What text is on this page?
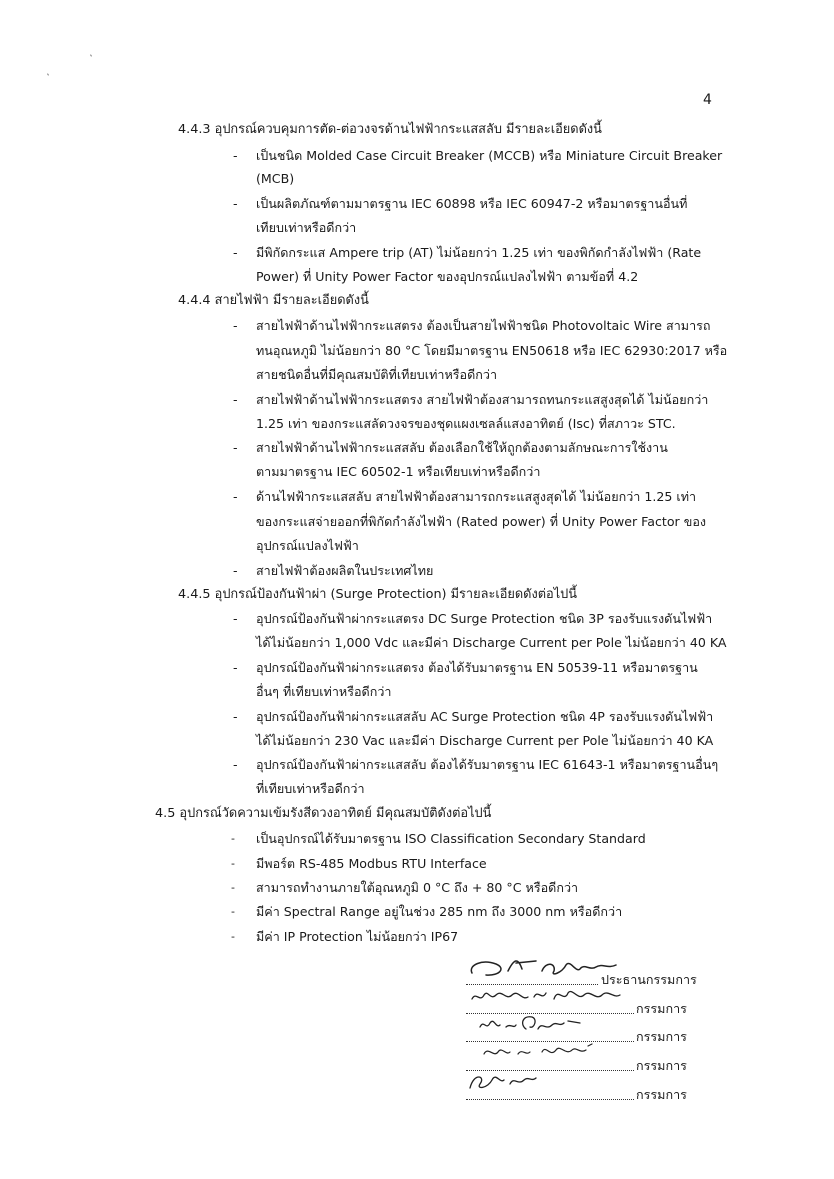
4
4.4.3 อุปกรณ์ควบคุมการตัด-ต่อวงจรด้านไฟฟ้ากระแสสลับ มีรายละเอียดดังนี้
- เป็นชนิด Molded Case Circuit Breaker (MCCB) หรือ Miniature Circuit Breaker
(MCB)
- เป็นผลิตภัณฑ์ตามมาตรฐาน IEC 60898 หรือ IEC 60947-2 หรือมาตรฐานอื่นที่
เทียบเท่าหรือดีกว่า
- มีพิกัดกระแส Ampere trip (AT) ไม่น้อยกว่า 1.25 เท่า ของพิกัดกำลังไฟฟ้า (Rate
Power) ที่ Unity Power Factor ของอุปกรณ์แปลงไฟฟ้า ตามข้อที่ 4.2
4.4.4 สายไฟฟ้า มีรายละเอียดดังนี้
- สายไฟฟ้าด้านไฟฟ้ากระแสตรง ต้องเป็นสายไฟฟ้าชนิด Photovoltaic Wire สามารถ
ทนอุณหภูมิ ไม่น้อยกว่า 80 °C โดยมีมาตรฐาน EN50618 หรือ IEC 62930:2017 หรือ
สายชนิดอื่นที่มีคุณสมบัติที่เทียบเท่าหรือดีกว่า
- สายไฟฟ้าด้านไฟฟ้ากระแสตรง สายไฟฟ้าต้องสามารถทนกระแสสูงสุดได้ ไม่น้อยกว่า
1.25 เท่า ของกระแสลัดวงจรของชุดแผงเซลล์แสงอาทิตย์ (Isc) ที่สภาวะ STC.
- สายไฟฟ้าด้านไฟฟ้ากระแสสลับ ต้องเลือกใช้ให้ถูกต้องตามลักษณะการใช้งาน
ตามมาตรฐาน IEC 60502-1 หรือเทียบเท่าหรือดีกว่า
- ด้านไฟฟ้ากระแสสลับ สายไฟฟ้าต้องสามารถกระแสสูงสุดได้ ไม่น้อยกว่า 1.25 เท่า
ของกระแสจ่ายออกที่พิกัดกำลังไฟฟ้า (Rated power) ที่ Unity Power Factor ของ
อุปกรณ์แปลงไฟฟ้า
- สายไฟฟ้าต้องผลิตในประเทศไทย
4.4.5 อุปกรณ์ป้องกันฟ้าผ่า (Surge Protection) มีรายละเอียดดังต่อไปนี้
- อุปกรณ์ป้องกันฟ้าผ่ากระแสตรง DC Surge Protection ชนิด 3P รองรับแรงดันไฟฟ้า
ได้ไม่น้อยกว่า 1,000 Vdc และมีค่า Discharge Current per Pole ไม่น้อยกว่า 40 KA
- อุปกรณ์ป้องกันฟ้าผ่ากระแสตรง ต้องได้รับมาตรฐาน EN 50539-11 หรือมาตรฐาน
อื่นๆ ที่เทียบเท่าหรือดีกว่า
- อุปกรณ์ป้องกันฟ้าผ่ากระแสสลับ AC Surge Protection ชนิด 4P รองรับแรงดันไฟฟ้า
ได้ไม่น้อยกว่า 230 Vac และมีค่า Discharge Current per Pole ไม่น้อยกว่า 40 KA
- อุปกรณ์ป้องกันฟ้าผ่ากระแสสลับ ต้องได้รับมาตรฐาน IEC 61643-1 หรือมาตรฐานอื่นๆ
ที่เทียบเท่าหรือดีกว่า
4.5 อุปกรณ์วัดความเข้มรังสีดวงอาทิตย์ มีคุณสมบัติดังต่อไปนี้
- เป็นอุปกรณ์ได้รับมาตรฐาน ISO Classification Secondary Standard
- มีพอร์ต RS-485 Modbus RTU Interface
- สามารถทำงานภายใต้อุณหภูมิ 0 °C ถึง + 80 °C หรือดีกว่า
- มีค่า Spectral Range อยู่ในช่วง 285 nm ถึง 3000 nm หรือดีกว่า
- มีค่า IP Protection ไม่น้อยกว่า IP67
ประธานกรรมการ
กรรมการ
กรรมการ
กรรมการ
กรรมการ
